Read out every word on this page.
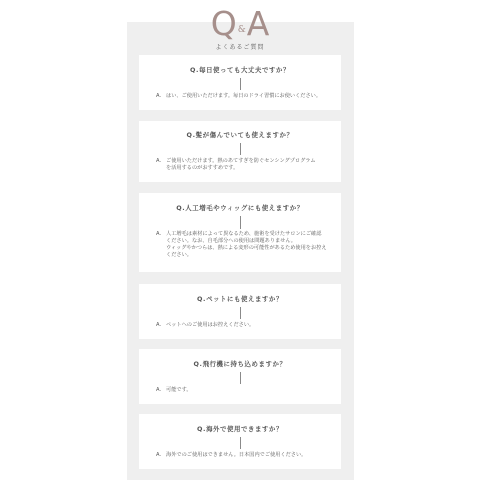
$Q_{\&}A$
よくあるご質問
Q.毎日使っても大丈夫ですか？
A. はい、ご使用いただけます。毎日のドライ習慣にお使いください。
Q.髪が傷んでいても使えますか？
A. ご使用いただけます。熱のあてすぎを防ぐセンシングプログラム
を活用するのがおすすめです。
Q.人工増毛やウィッグにも使えますか？
A. 人工増毛は素材によって異なるため、施術を受けたサロンにご確認
ください。なお、自毛部分への使用は問題ありません。
ウィッグやかつらは、熱による変形の可能性があるため使用をお控え
ください。
Q.ペットにも使えますか？
A. ペットへのご使用はお控えください。
Q.飛行機に持ち込めますか？
A. 可能です。
Q.海外で使用できますか？
A. 海外でのご使用はできません。日本国内でご使用ください。
